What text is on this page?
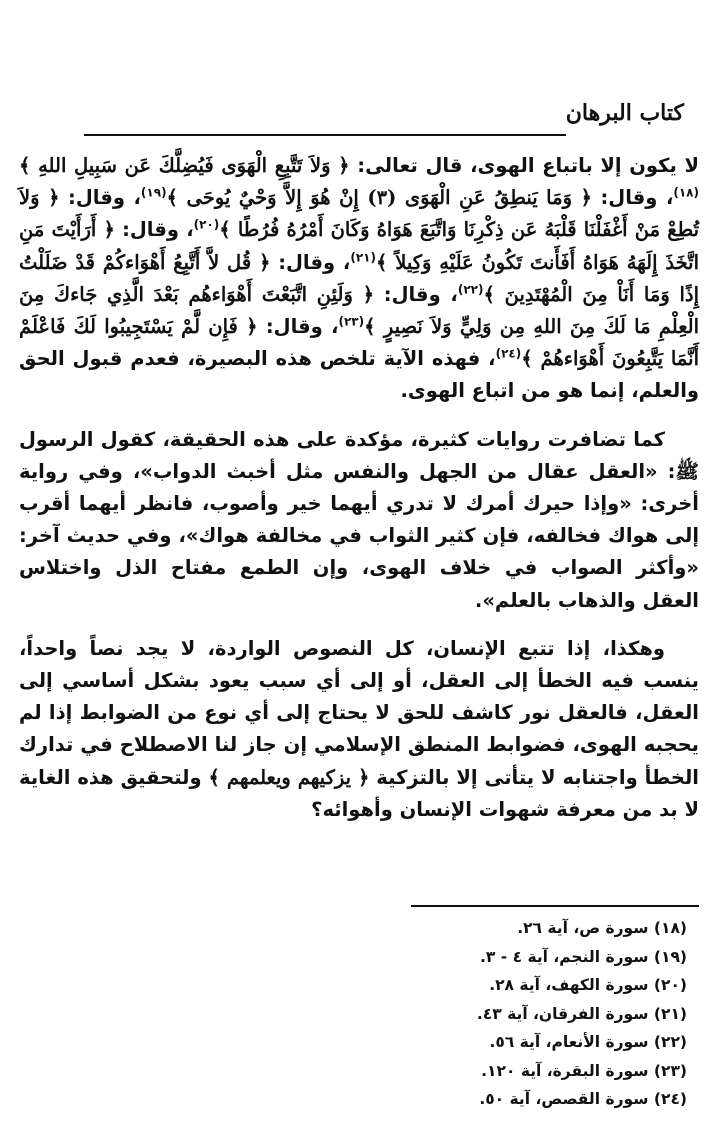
كتاب البرهان

لا يكون إلا باتباع الهوى، قال تعالى: ﴿ وَلاَ تَتَّبِعِ الْهَوَى فَيُضِلَّكَ عَن سَبِيلِ اللهِ ﴾$^{(١٨)}$، وقال: ﴿ وَمَا يَنطِقُ عَنِ الْهَوَى (٣) إِنْ هُوَ إِلاَّ وَحْيٌ يُوحَى ﴾$^{(١٩)}$، وقال: ﴿ وَلاَ تُطِعْ مَنْ أَغْفَلْنَا قَلْبَهُ عَن ذِكْرِنَا وَاتَّبَعَ هَوَاهُ وَكَانَ أَمْرُهُ فُرُطًا ﴾$^{(٢٠)}$، وقال: ﴿ أَرَأَيْتَ مَنِ اتَّخَذَ إِلَهَهُ هَوَاهُ أَفَأَنتَ تَكُونُ عَلَيْهِ وَكِيلاً ﴾$^{(٢١)}$، وقال: ﴿ قُل لاَّ أَتَّبِعُ أَهْوَاءكُمْ قَدْ ضَلَلْتُ إِذًا وَمَا أَنَاْ مِنَ الْمُهْتَدِينَ ﴾$^{(٢٢)}$، وقال: ﴿ وَلَئِنِ اتَّبَعْتَ أَهْوَاءهُم بَعْدَ الَّذِي جَاءكَ مِنَ الْعِلْمِ مَا لَكَ مِنَ اللهِ مِن وَلِيٍّ وَلاَ نَصِيرٍ ﴾$^{(٢٣)}$، وقال: ﴿ فَإِن لَّمْ يَسْتَجِيبُوا لَكَ فَاعْلَمْ أَنَّمَا يَتَّبِعُونَ أَهْوَاءهُمْ ﴾$^{(٢٤)}$، فهذه الآية تلخص هذه البصيرة، فعدم قبول الحق والعلم، إنما هو من اتباع الهوى.

كما تضافرت روايات كثيرة، مؤكدة على هذه الحقيقة، كقول الرسول ﷺ: «العقل عقال من الجهل والنفس مثل أخبث الدواب»، وفي رواية أخرى: «وإذا حيرك أمرك لا تدري أيهما خير وأصوب، فانظر أيهما أقرب إلى هواك فخالفه، فإن كثير الثواب في مخالفة هواك»، وفي حديث آخر: «وأكثر الصواب في خلاف الهوى، وإن الطمع مفتاح الذل واختلاس العقل والذهاب بالعلم».

وهكذا، إذا تتبع الإنسان، كل النصوص الواردة، لا يجد نصاً واحداً، ينسب فيه الخطأ إلى العقل، أو إلى أي سبب يعود بشكل أساسي إلى العقل، فالعقل نور كاشف للحق لا يحتاج إلى أي نوع من الضوابط إذا لم يحجبه الهوى، فضوابط المنطق الإسلامي إن جاز لنا الاصطلاح في تدارك الخطأ واجتنابه لا يتأتى إلا بالتزكية ﴿ يزكيهم ويعلمهم ﴾ ولتحقيق هذه الغاية لا بد من معرفة شهوات الإنسان وأهوائه؟

(١٨) سورة ص، آية ٢٦.
(١٩) سورة النجم، آية ٤ - ٣.
(٢٠) سورة الكهف، آية ٢٨.
(٢١) سورة الفرقان، آية ٤٣.
(٢٢) سورة الأنعام، آية ٥٦.
(٢٣) سورة البقرة، آية ١٢٠.
(٢٤) سورة القصص، آية ٥٠.
